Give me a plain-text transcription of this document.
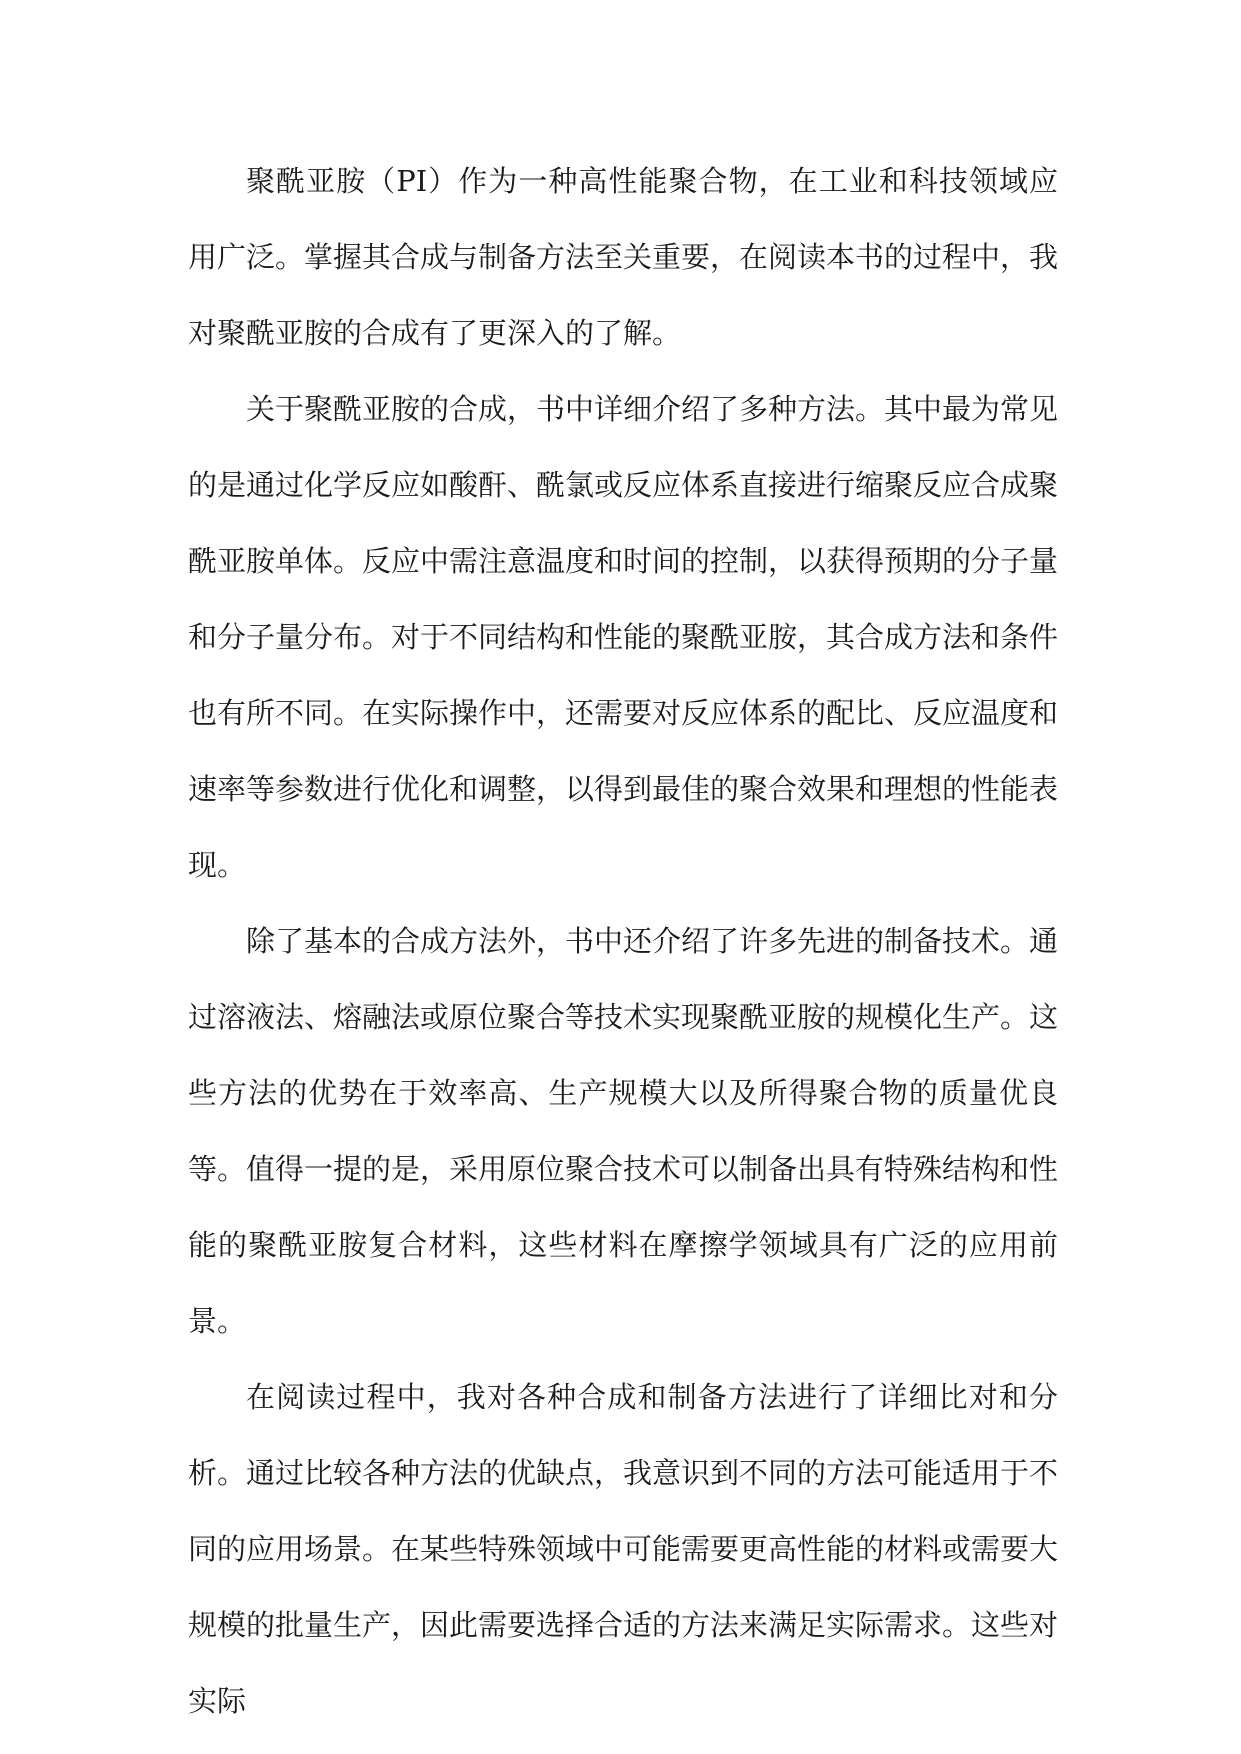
聚酰亚胺（PI）作为一种高性能聚合物，在工业和科技领域应用广泛。掌握其合成与制备方法至关重要，在阅读本书的过程中，我对聚酰亚胺的合成有了更深入的了解。

关于聚酰亚胺的合成，书中详细介绍了多种方法。其中最为常见的是通过化学反应如酸酐、酰氯或反应体系直接进行缩聚反应合成聚酰亚胺单体。反应中需注意温度和时间的控制，以获得预期的分子量和分子量分布。对于不同结构和性能的聚酰亚胺，其合成方法和条件也有所不同。在实际操作中，还需要对反应体系的配比、反应温度和速率等参数进行优化和调整，以得到最佳的聚合效果和理想的性能表现。

除了基本的合成方法外，书中还介绍了许多先进的制备技术。通过溶液法、熔融法或原位聚合等技术实现聚酰亚胺的规模化生产。这些方法的优势在于效率高、生产规模大以及所得聚合物的质量优良等。值得一提的是，采用原位聚合技术可以制备出具有特殊结构和性能的聚酰亚胺复合材料，这些材料在摩擦学领域具有广泛的应用前景。

在阅读过程中，我对各种合成和制备方法进行了详细比对和分析。通过比较各种方法的优缺点，我意识到不同的方法可能适用于不同的应用场景。在某些特殊领域中可能需要更高性能的材料或需要大规模的批量生产，因此需要选择合适的方法来满足实际需求。这些对实际
